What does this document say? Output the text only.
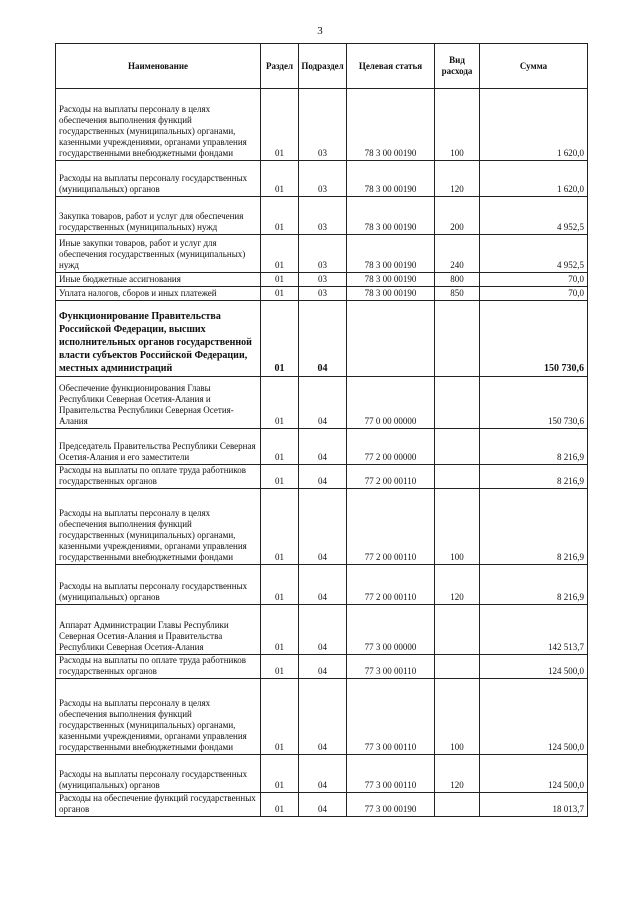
3
Наименование	Раздел	Подраздел	Целевая статья	Вид расхода	Сумма
Расходы на выплаты персоналу в целях обеспечения выполнения функций государственных (муниципальных) органами, казенными учреждениями, органами управления государственными внебюджетными фондами	01	03	78 3 00 00190	100	1 620,0
Расходы на выплаты персоналу государственных (муниципальных) органов	01	03	78 3 00 00190	120	1 620,0
Закупка товаров, работ и услуг для обеспечения государственных (муниципальных) нужд	01	03	78 3 00 00190	200	4 952,5
Иные закупки товаров, работ и услуг для обеспечения государственных (муниципальных) нужд	01	03	78 3 00 00190	240	4 952,5
Иные бюджетные ассигнования	01	03	78 3 00 00190	800	70,0
Уплата налогов, сборов и иных платежей	01	03	78 3 00 00190	850	70,0
Функционирование Правительства Российской Федерации, высших исполнительных органов государственной власти субъектов Российской Федерации, местных администраций	01	04			150 730,6
Обеспечение функционирования Главы Республики Северная Осетия-Алания и Правительства Республики Северная Осетия-Алания	01	04	77 0 00 00000		150 730,6
Председатель Правительства Республики Северная Осетия-Алания и его заместители	01	04	77 2 00 00000		8 216,9
Расходы на выплаты по оплате труда работников государственных органов	01	04	77 2 00 00110		8 216,9
Расходы на выплаты персоналу в целях обеспечения выполнения функций государственных (муниципальных) органами, казенными учреждениями, органами управления государственными внебюджетными фондами	01	04	77 2 00 00110	100	8 216,9
Расходы на выплаты персоналу государственных (муниципальных) органов	01	04	77 2 00 00110	120	8 216,9
Аппарат Администрации Главы Республики Северная Осетия-Алания и Правительства Республики Северная Осетия-Алания	01	04	77 3 00 00000		142 513,7
Расходы на выплаты по оплате труда работников государственных органов	01	04	77 3 00 00110		124 500,0
Расходы на выплаты персоналу в целях обеспечения выполнения функций государственных (муниципальных) органами, казенными учреждениями, органами управления государственными внебюджетными фондами	01	04	77 3 00 00110	100	124 500,0
Расходы на выплаты персоналу государственных (муниципальных) органов	01	04	77 3 00 00110	120	124 500,0
Расходы на обеспечение функций государственных органов	01	04	77 3 00 00190		18 013,7
